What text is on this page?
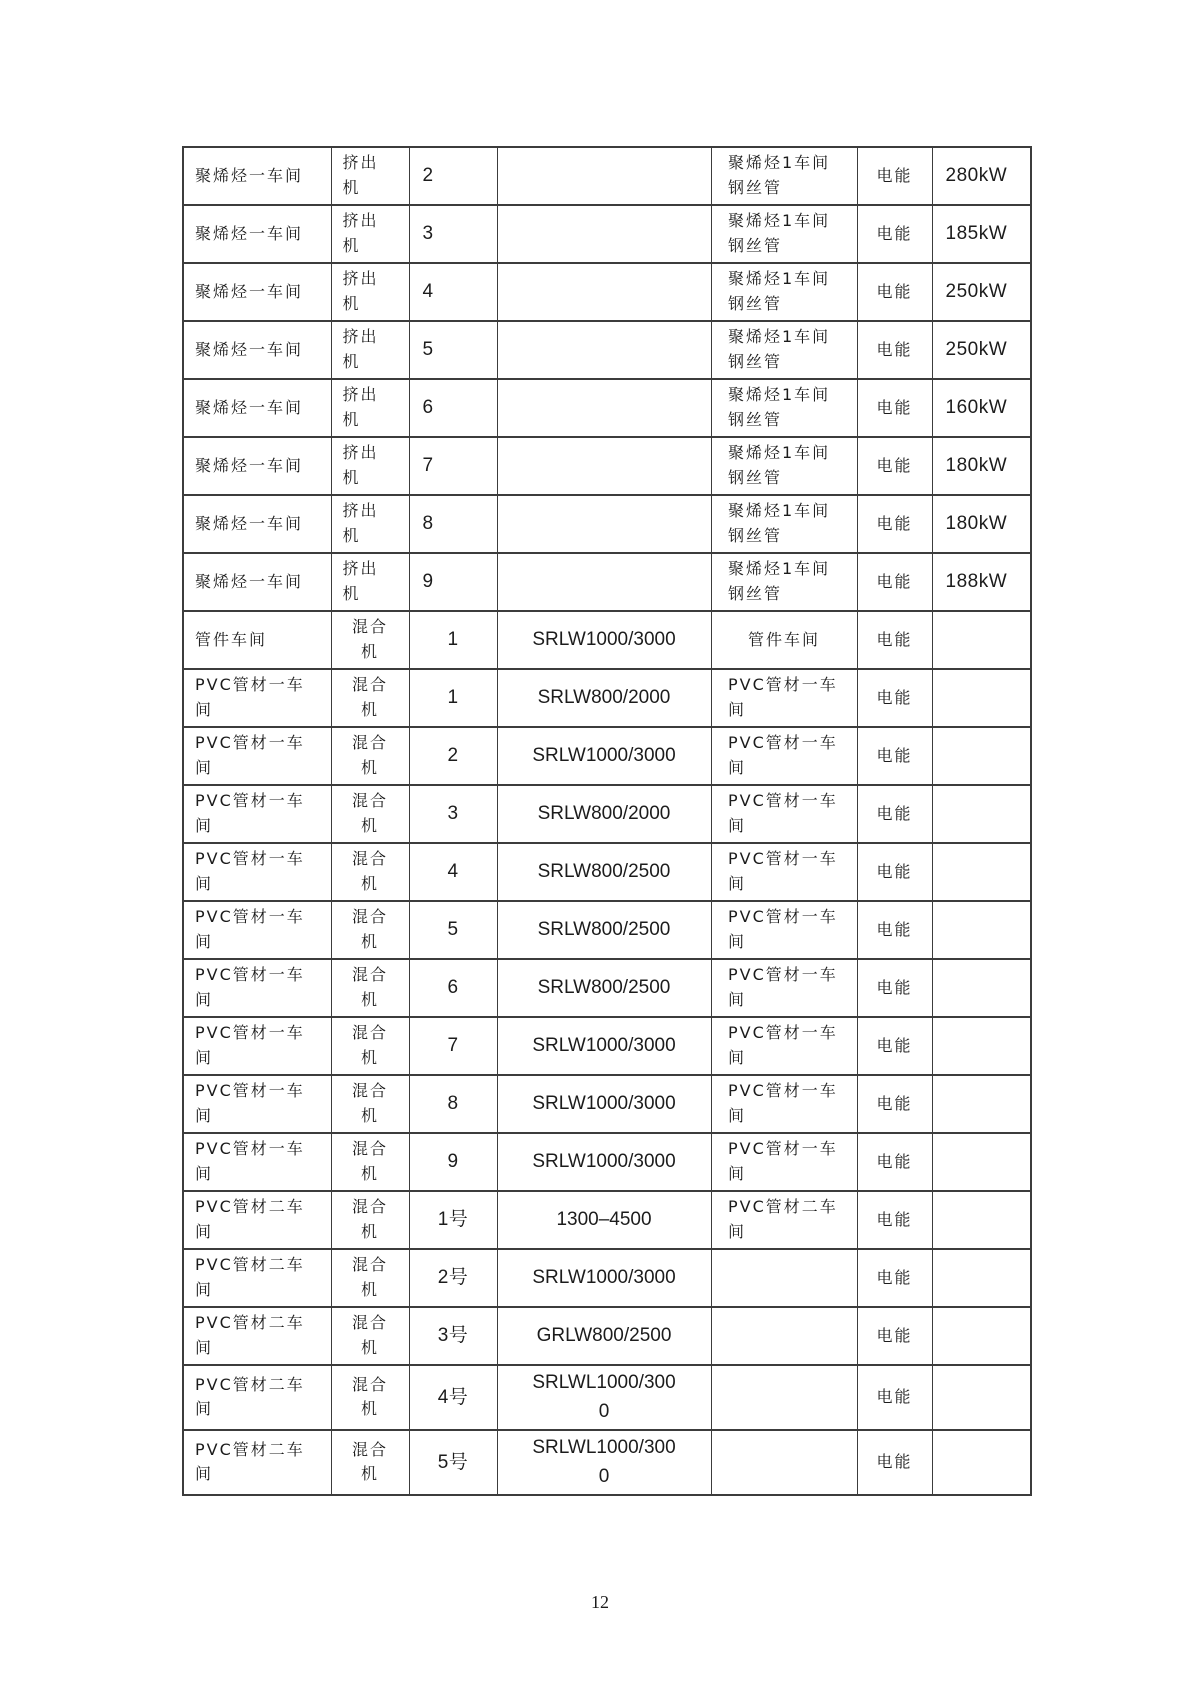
聚烯烃一车间	挤出机	2		聚烯烃1车间钢丝管	电能	280kW
聚烯烃一车间	挤出机	3		聚烯烃1车间钢丝管	电能	185kW
聚烯烃一车间	挤出机	4		聚烯烃1车间钢丝管	电能	250kW
聚烯烃一车间	挤出机	5		聚烯烃1车间钢丝管	电能	250kW
聚烯烃一车间	挤出机	6		聚烯烃1车间钢丝管	电能	160kW
聚烯烃一车间	挤出机	7		聚烯烃1车间钢丝管	电能	180kW
聚烯烃一车间	挤出机	8		聚烯烃1车间钢丝管	电能	180kW
聚烯烃一车间	挤出机	9		聚烯烃1车间钢丝管	电能	188kW
管件车间	混合机	1	SRLW1000/3000	管件车间	电能	
PVC管材一车间	混合机	1	SRLW800/2000	PVC管材一车间	电能	
PVC管材一车间	混合机	2	SRLW1000/3000	PVC管材一车间	电能	
PVC管材一车间	混合机	3	SRLW800/2000	PVC管材一车间	电能	
PVC管材一车间	混合机	4	SRLW800/2500	PVC管材一车间	电能	
PVC管材一车间	混合机	5	SRLW800/2500	PVC管材一车间	电能	
PVC管材一车间	混合机	6	SRLW800/2500	PVC管材一车间	电能	
PVC管材一车间	混合机	7	SRLW1000/3000	PVC管材一车间	电能	
PVC管材一车间	混合机	8	SRLW1000/3000	PVC管材一车间	电能	
PVC管材一车间	混合机	9	SRLW1000/3000	PVC管材一车间	电能	
PVC管材二车间	混合机	1号	1300–4500	PVC管材二车间	电能	
PVC管材二车间	混合机	2号	SRLW1000/3000		电能	
PVC管材二车间	混合机	3号	GRLW800/2500		电能	
PVC管材二车间	混合机	4号	SRLWL1000/3000		电能	
PVC管材二车间	混合机	5号	SRLWL1000/3000		电能	
12
